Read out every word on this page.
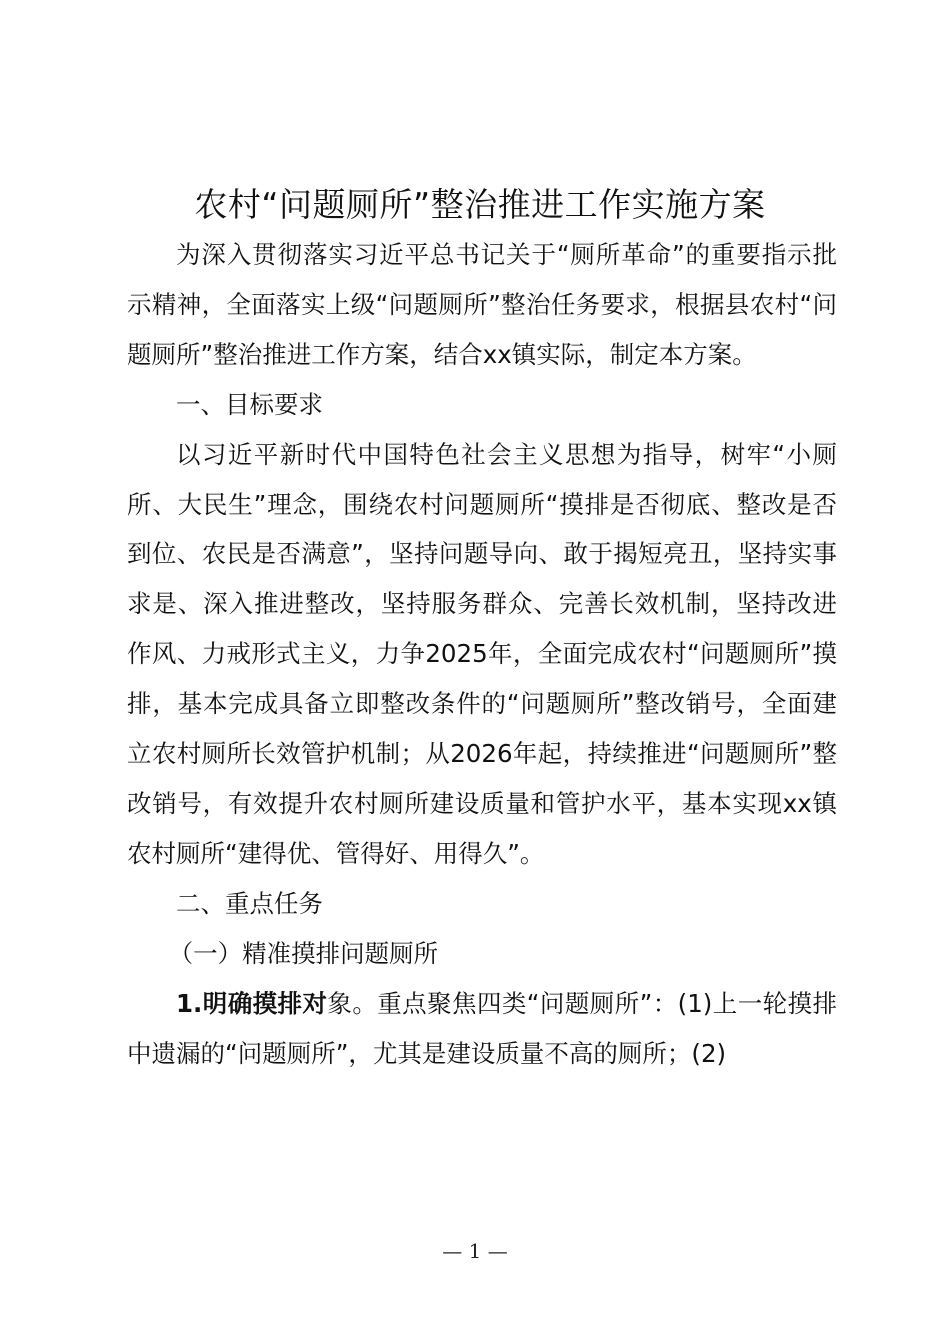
农村“问题厕所”整治推进工作实施方案

为深入贯彻落实习近平总书记关于“厕所革命”的重要指示批示精神，全面落实上级“问题厕所”整治任务要求，根据县农村“问题厕所”整治推进工作方案，结合xx镇实际，制定本方案。

一、目标要求

以习近平新时代中国特色社会主义思想为指导，树牢“小厕所、大民生”理念，围绕农村问题厕所“摸排是否彻底、整改是否到位、农民是否满意”，坚持问题导向、敢于揭短亮丑，坚持实事求是、深入推进整改，坚持服务群众、完善长效机制，坚持改进作风、力戒形式主义，力争2025年，全面完成农村“问题厕所”摸排，基本完成具备立即整改条件的“问题厕所”整改销号，全面建立农村厕所长效管护机制；从2026年起，持续推进“问题厕所”整改销号，有效提升农村厕所建设质量和管护水平，基本实现xx镇农村厕所“建得优、管得好、用得久”。

二、重点任务

（一）精准摸排问题厕所

1.明确摸排对象。重点聚焦四类“问题厕所”：(1)上一轮摸排中遗漏的“问题厕所”，尤其是建设质量不高的厕所；(2)

— 1 —
